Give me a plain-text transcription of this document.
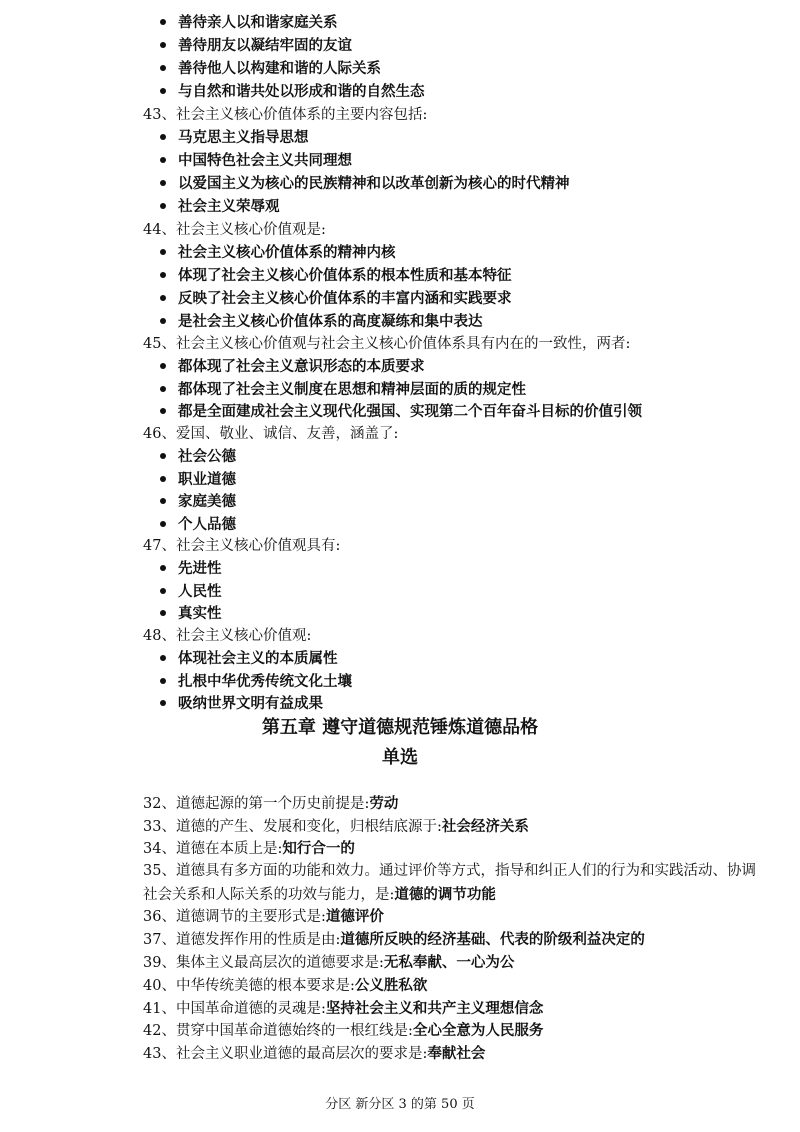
善待亲人以和谐家庭关系
善待朋友以凝结牢固的友谊
善待他人以构建和谐的人际关系
与自然和谐共处以形成和谐的自然生态
43、社会主义核心价值体系的主要内容包括:
马克思主义指导思想
中国特色社会主义共同理想
以爱国主义为核心的民族精神和以改革创新为核心的时代精神
社会主义荣辱观
44、社会主义核心价值观是:
社会主义核心价值体系的精神内核
体现了社会主义核心价值体系的根本性质和基本特征
反映了社会主义核心价值体系的丰富内涵和实践要求
是社会主义核心价值体系的高度凝练和集中表达
45、社会主义核心价值观与社会主义核心价值体系具有内在的一致性，两者:
都体现了社会主义意识形态的本质要求
都体现了社会主义制度在思想和精神层面的质的规定性
都是全面建成社会主义现代化强国、实现第二个百年奋斗目标的价值引领
46、爱国、敬业、诚信、友善，涵盖了:
社会公德
职业道德
家庭美德
个人品德
47、社会主义核心价值观具有:
先进性
人民性
真实性
48、社会主义核心价值观:
体现社会主义的本质属性
扎根中华优秀传统文化土壤
吸纳世界文明有益成果
第五章 遵守道德规范锤炼道德品格
单选
32、道德起源的第一个历史前提是:劳动
33、道德的产生、发展和变化，归根结底源于:社会经济关系
34、道德在本质上是:知行合一的
35、道德具有多方面的功能和效力。通过评价等方式，指导和纠正人们的行为和实践活动、协调社会关系和人际关系的功效与能力，是:道德的调节功能
36、道德调节的主要形式是:道德评价
37、道德发挥作用的性质是由:道德所反映的经济基础、代表的阶级利益决定的
39、集体主义最高层次的道德要求是:无私奉献、一心为公
40、中华传统美德的根本要求是:公义胜私欲
41、中国革命道德的灵魂是:坚持社会主义和共产主义理想信念
42、贯穿中国革命道德始终的一根红线是:全心全意为人民服务
43、社会主义职业道德的最高层次的要求是:奉献社会
分区 新分区 3 的第 50 页
